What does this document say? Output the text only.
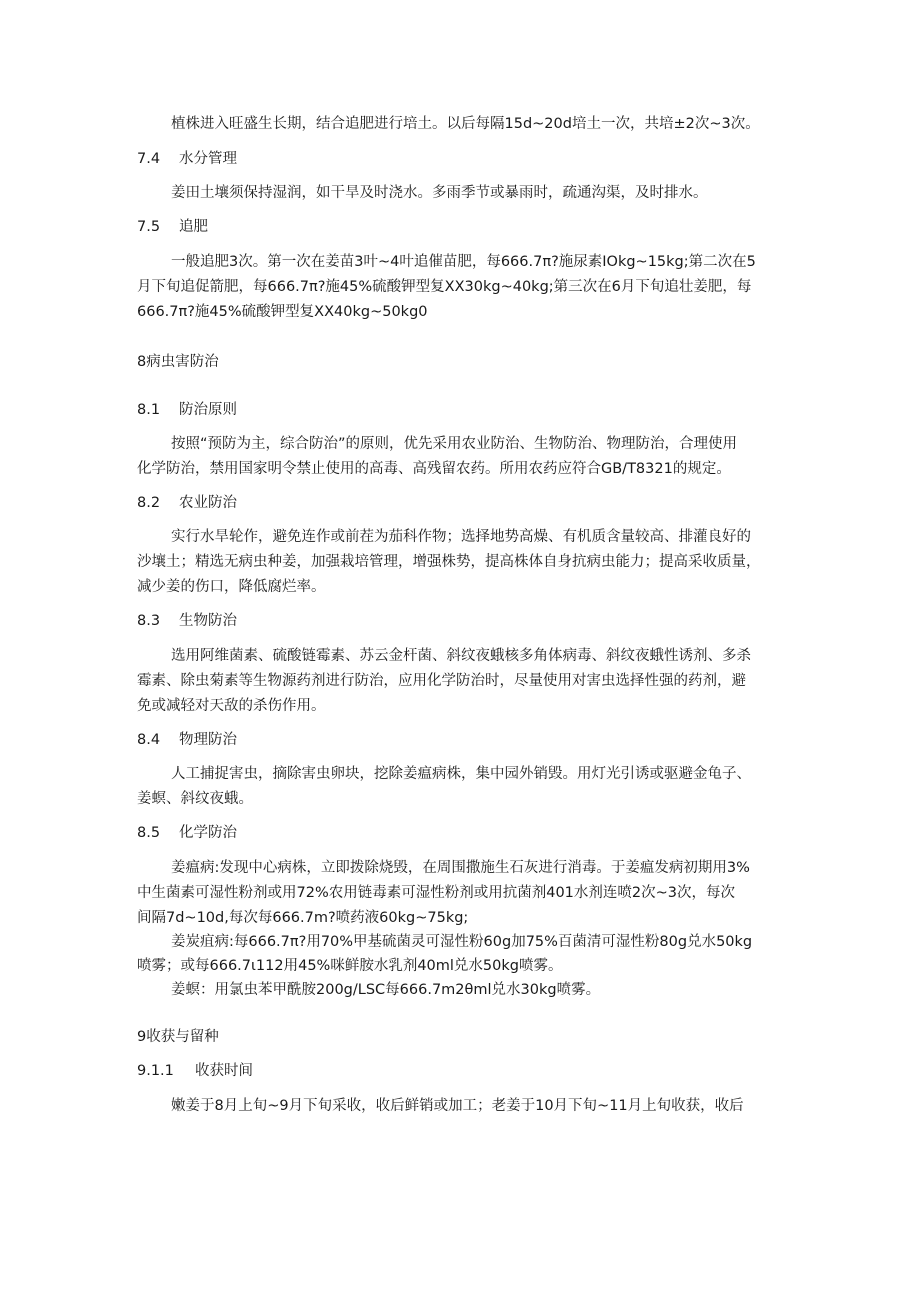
植株进入旺盛生长期，结合追肥进行培土。以后每隔15d~20d培土一次，共培±2次~3次。
7.4 水分管理
姜田土壤须保持湿润，如干旱及时浇水。多雨季节或暴雨时，疏通沟渠，及时排水。
7.5 追肥
一般追肥3次。第一次在姜苗3叶~4叶追催苗肥，每666.7π?施尿素IOkg~15kg;第二次在5
月下旬追促箭肥，每666.7π?施45%硫酸钾型复XX30kg~40kg;第三次在6月下旬追壮姜肥，每
666.7π?施45%硫酸钾型复XX40kg~50kg0
8病虫害防治
8.1 防治原则
按照“预防为主，综合防治”的原则，优先采用农业防治、生物防治、物理防治，合理使用
化学防治，禁用国家明令禁止使用的高毒、高残留农药。所用农药应符合GB/T8321的规定。
8.2 农业防治
实行水旱轮作，避免连作或前茬为茄科作物；选择地势高燥、有机质含量较高、排灌良好的
沙壤土；精选无病虫种姜，加强栽培管理，增强株势，提高株体自身抗病虫能力；提高采收质量，
减少姜的伤口，降低腐烂率。
8.3 生物防治
选用阿维菌素、硫酸链霉素、苏云金杆菌、斜纹夜蛾核多角体病毒、斜纹夜蛾性诱剂、多杀
霉素、除虫菊素等生物源药剂进行防治，应用化学防治时，尽量使用对害虫选择性强的药剂，避
免或减轻对天敌的杀伤作用。
8.4 物理防治
人工捕捉害虫，摘除害虫卵块，挖除姜瘟病株，集中园外销毁。用灯光引诱或驱避金龟子、
姜螟、斜纹夜蛾。
8.5 化学防治
姜瘟病:发现中心病株，立即拨除烧毁，在周围撒施生石灰进行消毒。于姜瘟发病初期用3%
中生菌素可湿性粉剂或用72%农用链毒素可湿性粉剂或用抗菌剂401水剂连喷2次~3次，每次
间隔7d~10d,每次每666.7m?喷药液60kg~75kg;
姜炭疽病:每666.7π?用70%甲基硫菌灵可湿性粉60g加75%百菌清可湿性粉80g兑水50kg
喷雾；或每666.7ι112用45%咪鲜胺水乳剂40ml兑水50kg喷雾。
姜螟：用氯虫苯甲酰胺200g∕LSC每666.7m2θml兑水30kg喷雾。
9收获与留种
9.1.1 收获时间
嫩姜于8月上旬~9月下旬采收，收后鲜销或加工；老姜于10月下旬~11月上旬收获，收后
